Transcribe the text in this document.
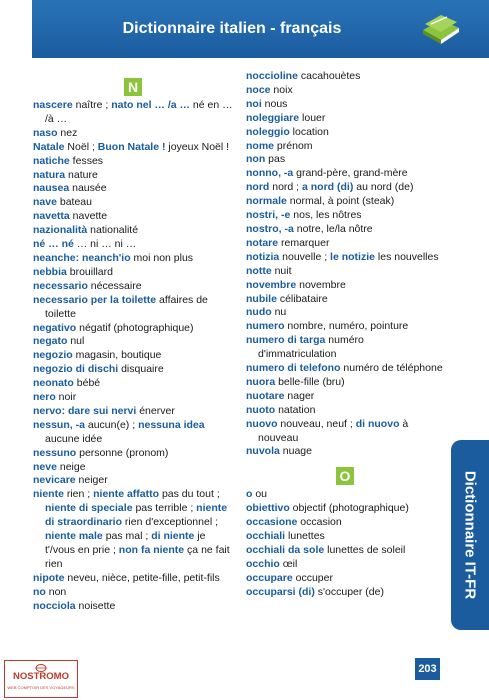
Dictionnaire italien - français
N
nascere naître ; nato nel … /a … né en … /à …
naso nez
Natale Noël ; Buon Natale ! joyeux Noël !
natiche fesses
natura nature
nausea nausée
nave bateau
navetta navette
nazionalità nationalité
né … né … ni … ni …
neanche: neanch'io moi non plus
nebbia brouillard
necessario nécessaire
necessario per la toilette affaires de toilette
negativo négatif (photographique)
negato nul
negozio magasin, boutique
negozio di dischi disquaire
neonato bébé
nero noir
nervo: dare sui nervi énerver
nessun, -a aucun(e) ; nessuna idea aucune idée
nessuno personne (pronom)
neve neige
nevicare neiger
niente rien ; niente affatto pas du tout ; niente di speciale pas terrible ; niente di straordinario rien d'exceptionnel ; niente male pas mal ; di niente je t'/vous en prie ; non fa niente ça ne fait rien
nipote neveu, nièce, petite-fille, petit-fils
no non
nocciola noisette
noccioline cacahouètes
noce noix
noi nous
noleggiare louer
noleggio location
nome prénom
non pas
nonno, -a grand-père, grand-mère
nord nord ; a nord (di) au nord (de)
normale normal, à point (steak)
nostri, -e nos, les nôtres
nostro, -a notre, le/la nôtre
notare remarquer
notizia nouvelle ; le notizie les nouvelles
notte nuit
novembre novembre
nubile célibataire
nudo nu
numero nombre, numéro, pointure
numero di targa numéro d'immatriculation
numero di telefono numéro de téléphone
nuora belle-fille (bru)
nuotare nager
nuoto natation
nuovo nouveau, neuf ; di nuovo à nouveau
nuvola nuage
O
o ou
obiettivo objectif (photographique)
occasione occasion
occhiali lunettes
occhiali da sole lunettes de soleil
occhio œil
occupare occuper
occuparsi (di) s'occuper (de)	Dictionnaire IT-FR
203
NOSTROMO
WEB COMPTOIR DES VOYAGEURS
